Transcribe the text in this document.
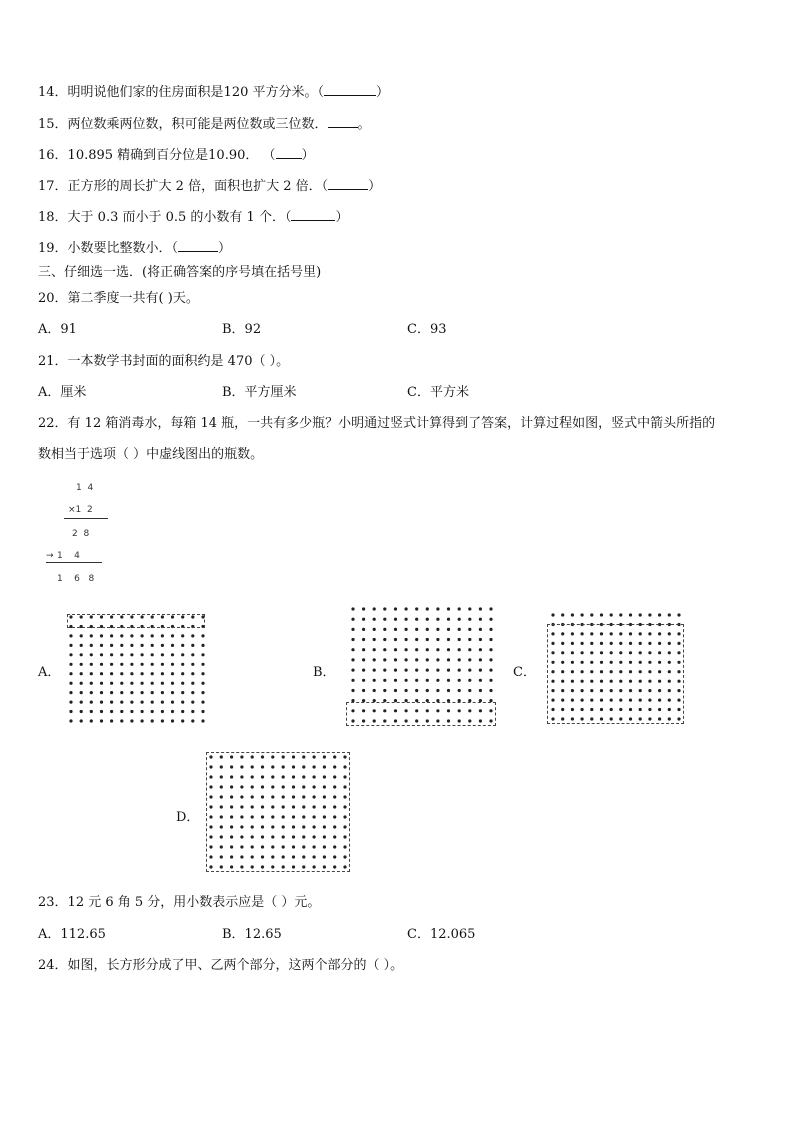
14．明明说他们家的住房面积是120 平方分米。（	）
15．两位数乘两位数，积可能是两位数或三位数． 。
16．10.895 精确到百分位是10.90． （ ）
17．正方形的周长扩大 2 倍，面积也扩大 2 倍．（	）
18．大于 0.3 而小于 0.5 的小数有 1 个．（	）
19．小数要比整数小．（	）
三、仔细选一选．(将正确答案的序号填在括号里)
20．第二季度一共有( )天。
A．91	B．92	C．93
21．一本数学书封面的面积约是 470（ ）。
A．厘米	B．平方厘米	C．平方米
22．有 12 箱消毒水，每箱 14 瓶，一共有多少瓶？小明通过竖式计算得到了答案，计算过程如图，竖式中箭头所指的
数相当于选项（ ）中虚线图出的瓶数。
1  4
×1  2
2  8
→ 1    4
1    6   8
A．	B．	C．
D．
23．12 元 6 角 5 分，用小数表示应是（ ）元。
A．112.65	B．12.65	C．12.065
24．如图，长方形分成了甲、乙两个部分，这两个部分的（ ）。
